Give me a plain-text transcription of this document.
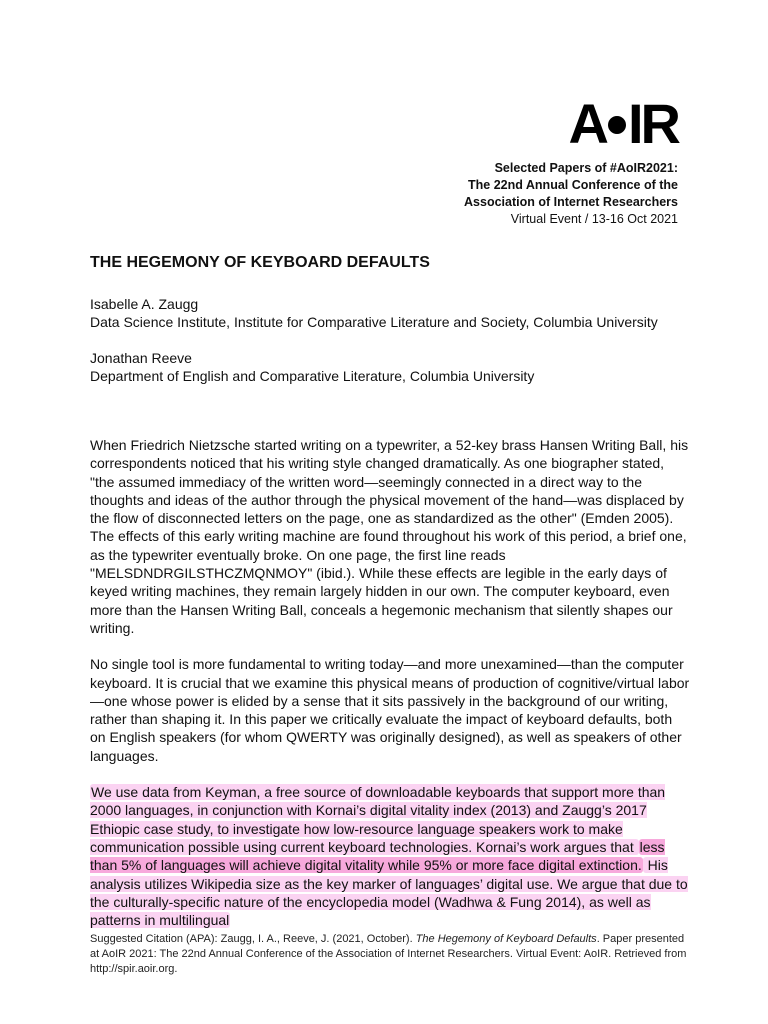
A IR
Selected Papers of #AoIR2021:
The 22nd Annual Conference of the
Association of Internet Researchers
Virtual Event / 13-16 Oct 2021
THE HEGEMONY OF KEYBOARD DEFAULTS
Isabelle A. Zaugg
Data Science Institute, Institute for Comparative Literature and Society, Columbia University
Jonathan Reeve
Department of English and Comparative Literature, Columbia University

When Friedrich Nietzsche started writing on a typewriter, a 52-key brass Hansen Writing Ball, his correspondents noticed that his writing style changed dramatically. As one biographer stated, "the assumed immediacy of the written word—seemingly connected in a direct way to the thoughts and ideas of the author through the physical movement of the hand—was displaced by the flow of disconnected letters on the page, one as standardized as the other" (Emden 2005). The effects of this early writing machine are found throughout his work of this period, a brief one, as the typewriter eventually broke. On one page, the first line reads "MELSDNDRGILSTHCZMQNMOY" (ibid.). While these effects are legible in the early days of keyed writing machines, they remain largely hidden in our own. The computer keyboard, even more than the Hansen Writing Ball, conceals a hegemonic mechanism that silently shapes our writing.

No single tool is more fundamental to writing today—and more unexamined—than the computer keyboard. It is crucial that we examine this physical means of production of cognitive/virtual labor—one whose power is elided by a sense that it sits passively in the background of our writing, rather than shaping it. In this paper we critically evaluate the impact of keyboard defaults, both on English speakers (for whom QWERTY was originally designed), as well as speakers of other languages.

We use data from Keyman, a free source of downloadable keyboards that support more than 2000 languages, in conjunction with Kornai’s digital vitality index (2013) and Zaugg’s 2017 Ethiopic case study, to investigate how low-resource language speakers work to make communication possible using current keyboard technologies. Kornai’s work argues that less than 5% of languages will achieve digital vitality while 95% or more face digital extinction. His analysis utilizes Wikipedia size as the key marker of languages’ digital use. We argue that due to the culturally-specific nature of the encyclopedia model (Wadhwa & Fung 2014), as well as patterns in multilingual

Suggested Citation (APA): Zaugg, I. A., Reeve, J. (2021, October). The Hegemony of Keyboard Defaults. Paper presented at AoIR 2021: The 22nd Annual Conference of the Association of Internet Researchers. Virtual Event: AoIR. Retrieved from http://spir.aoir.org.
